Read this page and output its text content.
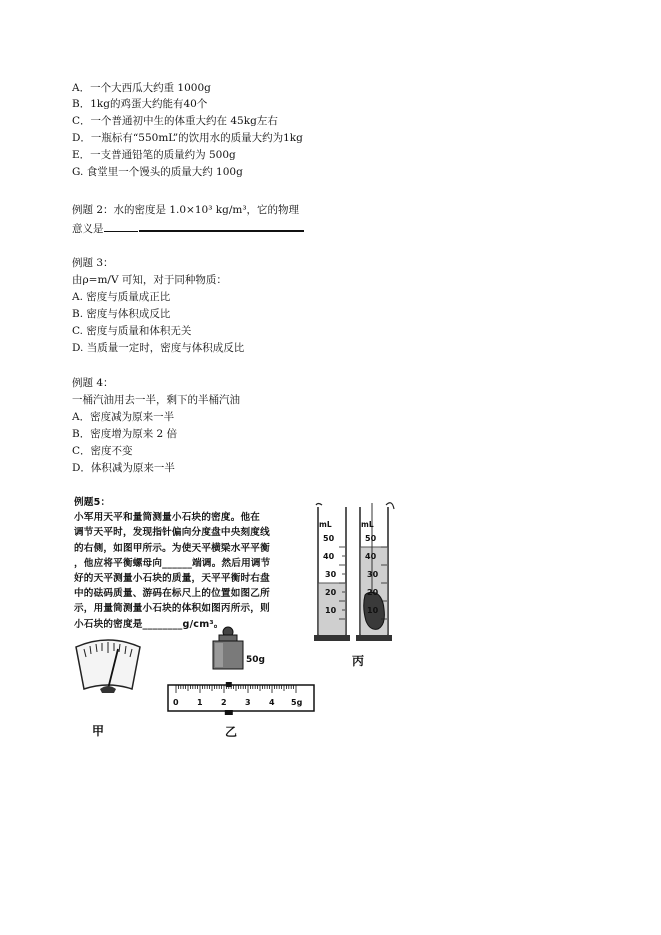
A．一个大西瓜大约重 1000g
B．1kg的鸡蛋大约能有40个
C．一个普通初中生的体重大约在 45kg左右
D．一瓶标有“550mL”的饮用水的质量大约为1kg
E．一支普通铅笔的质量约为 500g
G. 食堂里一个馒头的质量大约 100g
例题 2：水的密度是 1.0×10³ kg/m³，它的物理
意义是
例题 3：
由ρ=m/V 可知，对于同种物质：
A. 密度与质量成正比
B. 密度与体积成反比
C. 密度与质量和体积无关
D. 当质量一定时，密度与体积成反比
例题 4：
一桶汽油用去一半，剩下的半桶汽油
A．密度减为原来一半
B．密度增为原来 2 倍
C．密度不变
D．体积减为原来一半
例题5：
小军用天平和量筒测量小石块的密度。他在
调节天平时，发现指针偏向分度盘中央刻度线
的右侧，如图甲所示。为使天平横梁水平平衡
，他应将平衡螺母向______端调。然后用调节
好的天平测量小石块的质量，天平平衡时右盘
中的砝码质量、游码在标尺上的位置如图乙所
示，用量筒测量小石块的体积如图丙所示，则
小石块的密度是________g/cm³。
mL
50
40
30
20
10
mL
50
40
30
20
10
丙
甲
50g
0 1 2 3 4 5g
乙
